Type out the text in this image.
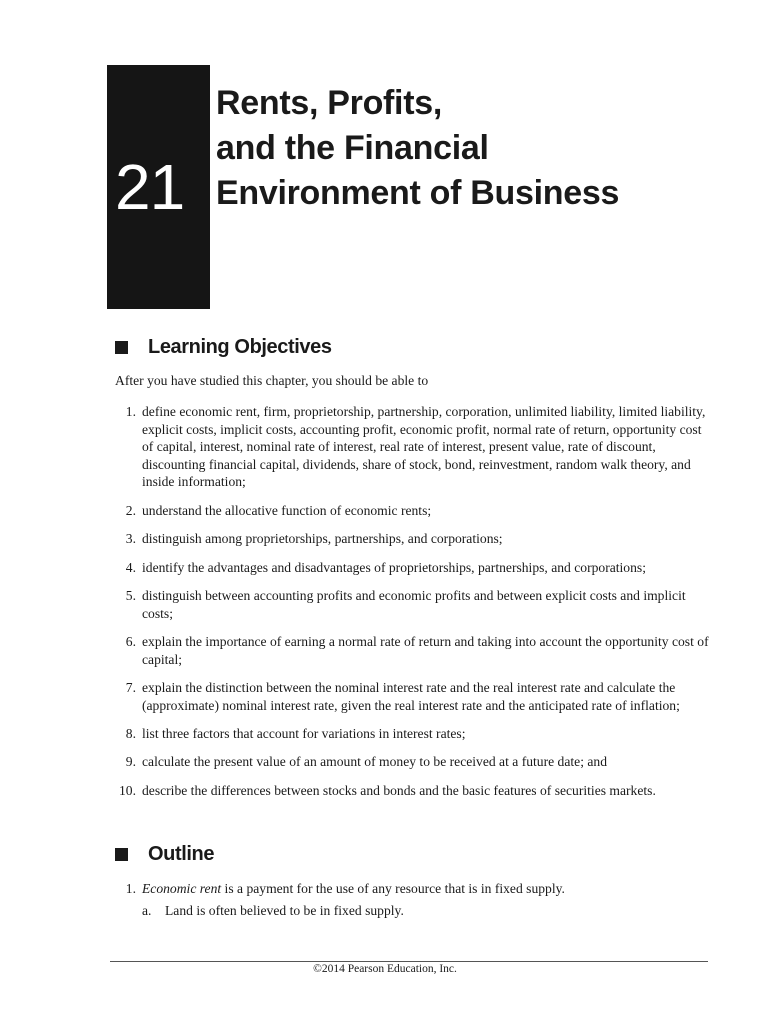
21
Rents, Profits,
and the Financial
Environment of Business
Learning Objectives
After you have studied this chapter, you should be able to
1. define economic rent, firm, proprietorship, partnership, corporation, unlimited liability, limited liability, explicit costs, implicit costs, accounting profit, economic profit, normal rate of return, opportunity cost of capital, interest, nominal rate of interest, real rate of interest, present value, rate of discount, discounting financial capital, dividends, share of stock, bond, reinvestment, random walk theory, and inside information;
2. understand the allocative function of economic rents;
3. distinguish among proprietorships, partnerships, and corporations;
4. identify the advantages and disadvantages of proprietorships, partnerships, and corporations;
5. distinguish between accounting profits and economic profits and between explicit costs and implicit costs;
6. explain the importance of earning a normal rate of return and taking into account the opportunity cost of capital;
7. explain the distinction between the nominal interest rate and the real interest rate and calculate the (approximate) nominal interest rate, given the real interest rate and the anticipated rate of inflation;
8. list three factors that account for variations in interest rates;
9. calculate the present value of an amount of money to be received at a future date; and
10. describe the differences between stocks and bonds and the basic features of securities markets.
Outline
1. Economic rent is a payment for the use of any resource that is in fixed supply.
a. Land is often believed to be in fixed supply.
©2014 Pearson Education, Inc.
